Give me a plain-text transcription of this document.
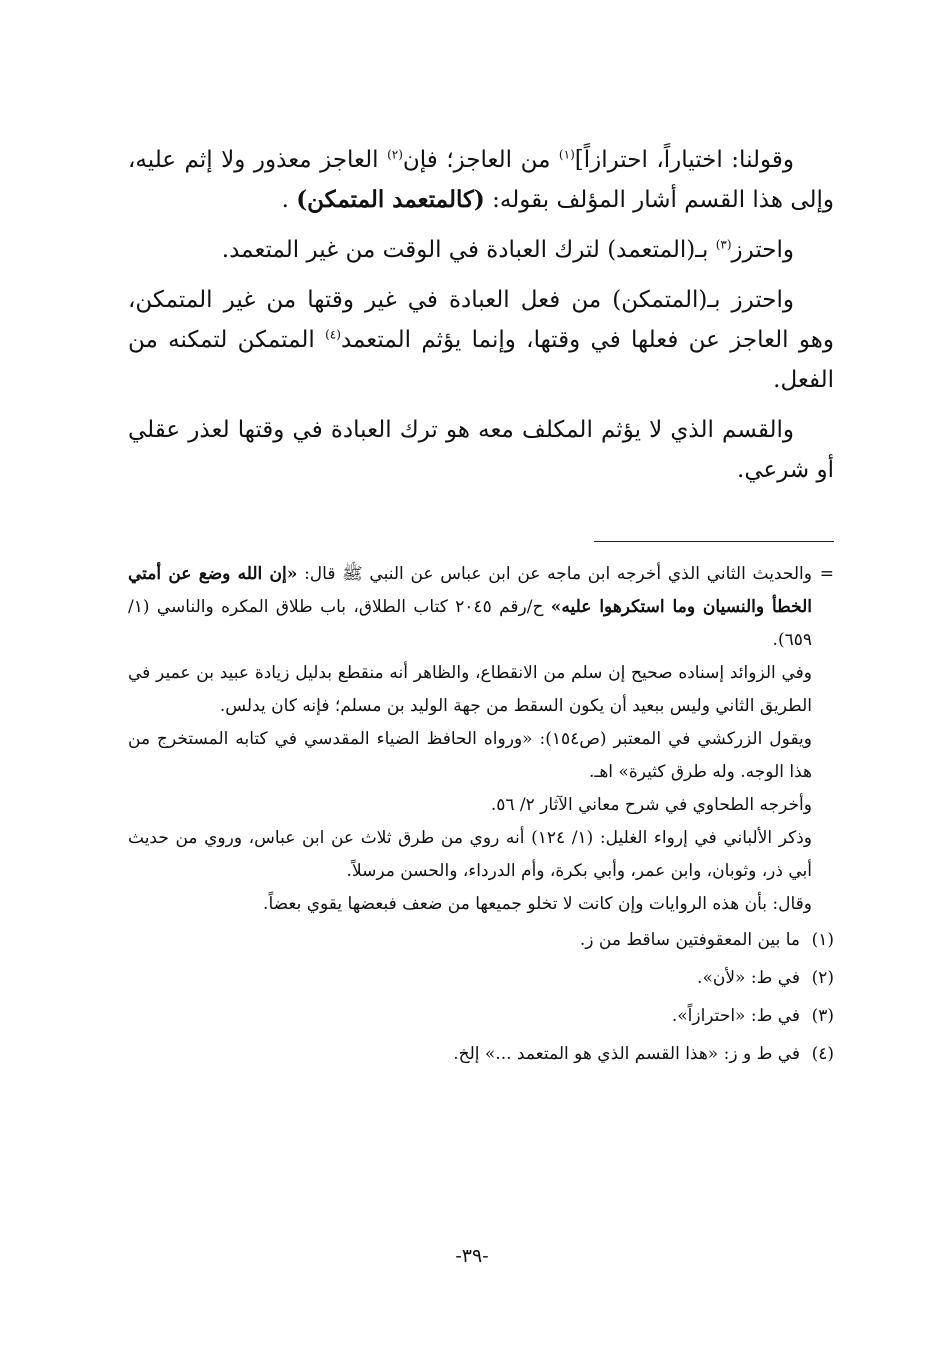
وقولنا: اختياراً، احترازاً]$^{(١)}$ من العاجز؛ فإن$^{(٢)}$ العاجز معذور ولا إثم عليه، وإلى هذا القسم أشار المؤلف بقوله: (كالمتعمد المتمكن) .

واحترز$^{(٣)}$ بـ(المتعمد) لترك العبادة في الوقت من غير المتعمد.

واحترز بـ(المتمكن) من فعل العبادة في غير وقتها من غير المتمكن، وهو العاجز عن فعلها في وقتها، وإنما يؤثم المتعمد$^{(٤)}$ المتمكن لتمكنه من الفعل.

والقسم الذي لا يؤثم المكلف معه هو ترك العبادة في وقتها لعذر عقلي أو شرعي.

=

والحديث الثاني الذي أخرجه ابن ماجه عن ابن عباس عن النبي ﷺ قال: «إن الله وضع عن أمتي الخطأ والنسيان وما استكرهوا عليه» ح/رقم ٢٠٤٥ كتاب الطلاق، باب طلاق المكره والناسي (١/ ٦٥٩).

وفي الزوائد إسناده صحيح إن سلم من الانقطاع، والظاهر أنه منقطع بدليل زيادة عبيد بن عمير في الطريق الثاني وليس ببعيد أن يكون السقط من جهة الوليد بن مسلم؛ فإنه كان يدلس.

ويقول الزركشي في المعتبر (ص١٥٤): «ورواه الحافظ الضياء المقدسي في كتابه المستخرج من هذا الوجه. وله طرق كثيرة» اهـ.

وأخرجه الطحاوي في شرح معاني الآثار ٢/ ٥٦.

وذكر الألباني في إرواء الغليل: (١/ ١٢٤) أنه روي من طرق ثلاث عن ابن عباس، وروي من حديث أبي ذر، وثوبان، وابن عمر، وأبي بكرة، وأم الدرداء، والحسن مرسلاً.

وقال: بأن هذه الروايات وإن كانت لا تخلو جميعها من ضعف فبعضها يقوي بعضاً.

(١)
ما بين المعقوفتين ساقط من ز.
(٢)
في ط: «لأن».
(٣)
في ط: «احترازاً».
(٤)
في ط و ز: «هذا القسم الذي هو المتعمد ...» إلخ.
-٣٩-
